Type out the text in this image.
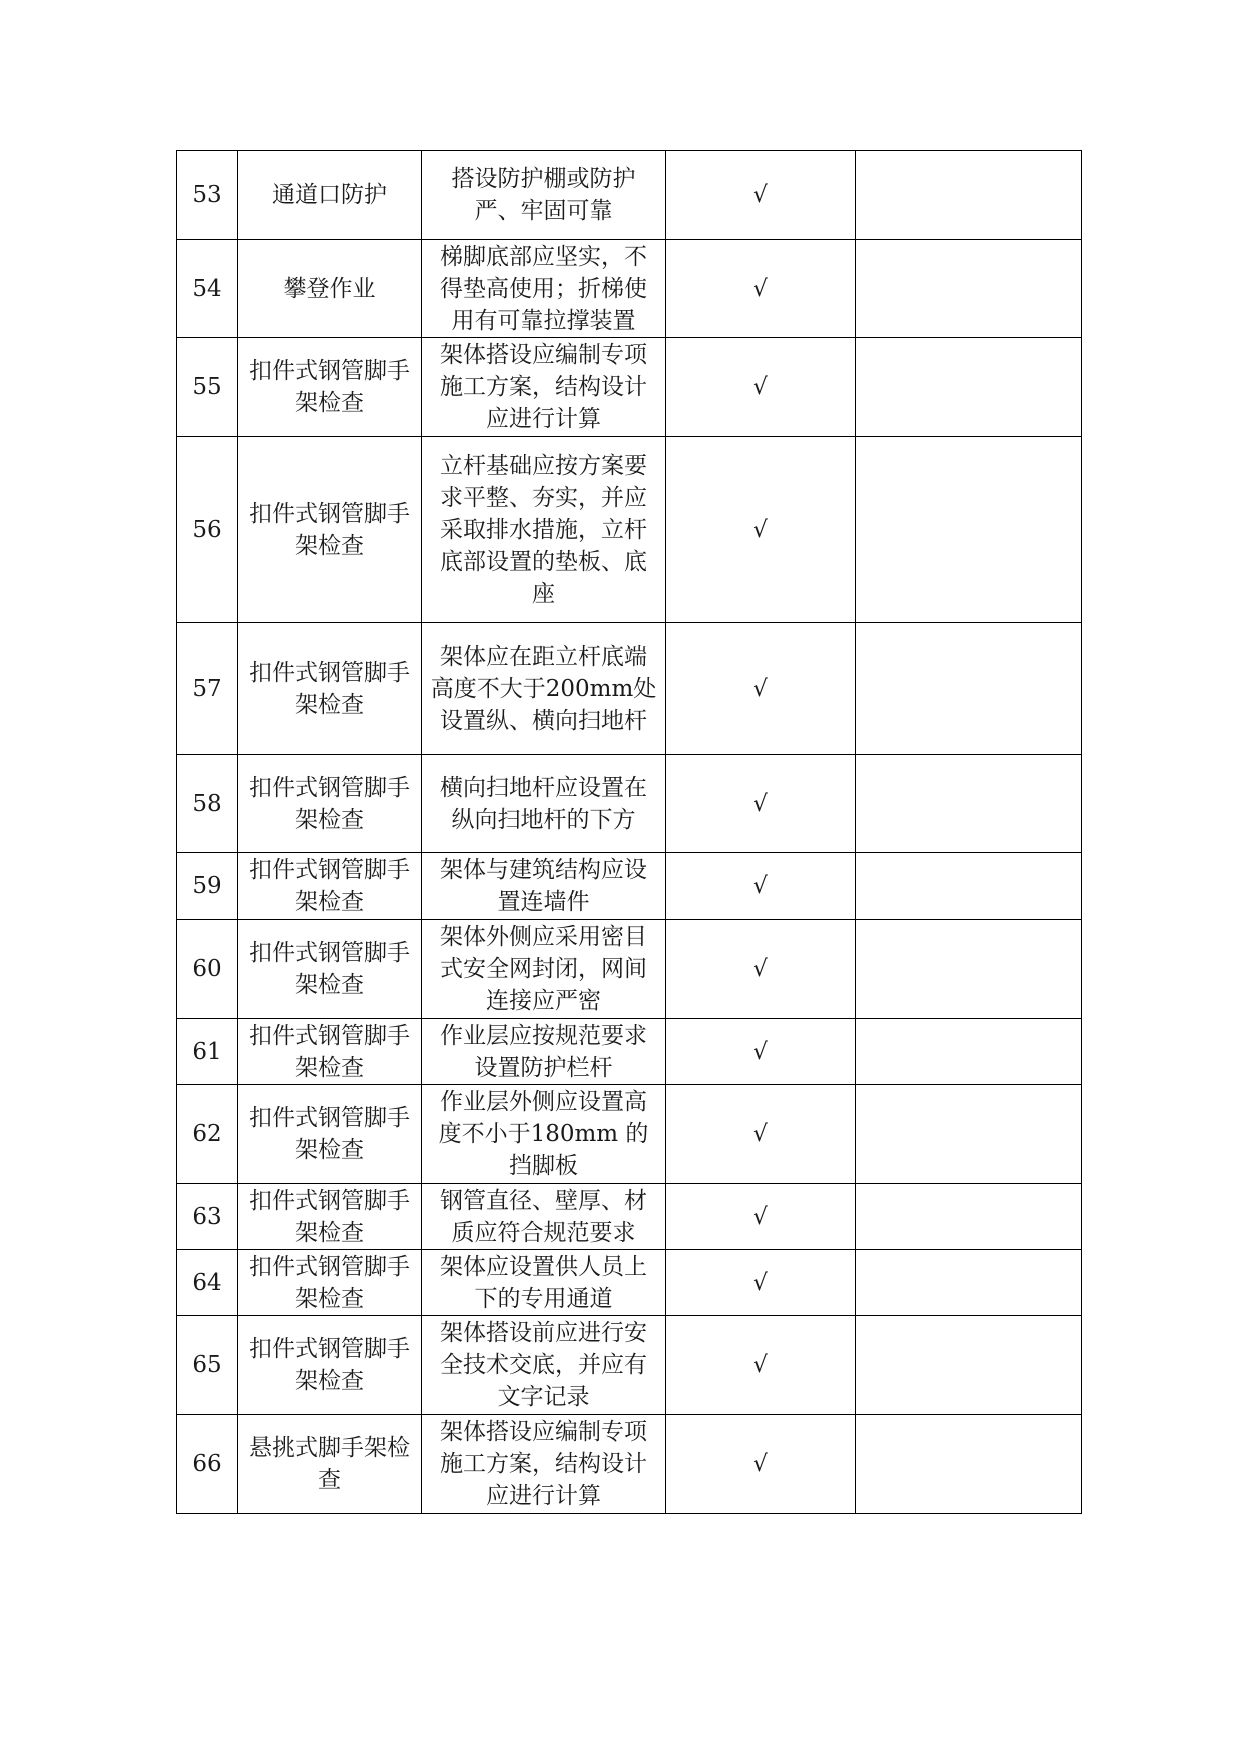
53	通道口防护	搭设防护棚或防护严、牢固可靠	√	
54	攀登作业	梯脚底部应坚实，不得垫高使用；折梯使用有可靠拉撑装置	√	
55	扣件式钢管脚手架检查	架体搭设应编制专项施工方案，结构设计应进行计算	√	
56	扣件式钢管脚手架检查	立杆基础应按方案要求平整、夯实，并应采取排水措施，立杆底部设置的垫板、底座	√	
57	扣件式钢管脚手架检查	架体应在距立杆底端高度不大于200mm处设置纵、横向扫地杆	√	
58	扣件式钢管脚手架检查	横向扫地杆应设置在纵向扫地杆的下方	√	
59	扣件式钢管脚手架检查	架体与建筑结构应设置连墙件	√	
60	扣件式钢管脚手架检查	架体外侧应采用密目式安全网封闭，网间连接应严密	√	
61	扣件式钢管脚手架检查	作业层应按规范要求设置防护栏杆	√	
62	扣件式钢管脚手架检查	作业层外侧应设置高度不小于180mm 的挡脚板	√	
63	扣件式钢管脚手架检查	钢管直径、壁厚、材质应符合规范要求	√	
64	扣件式钢管脚手架检查	架体应设置供人员上下的专用通道	√	
65	扣件式钢管脚手架检查	架体搭设前应进行安全技术交底，并应有文字记录	√	
66	悬挑式脚手架检查	架体搭设应编制专项施工方案，结构设计应进行计算	√	
